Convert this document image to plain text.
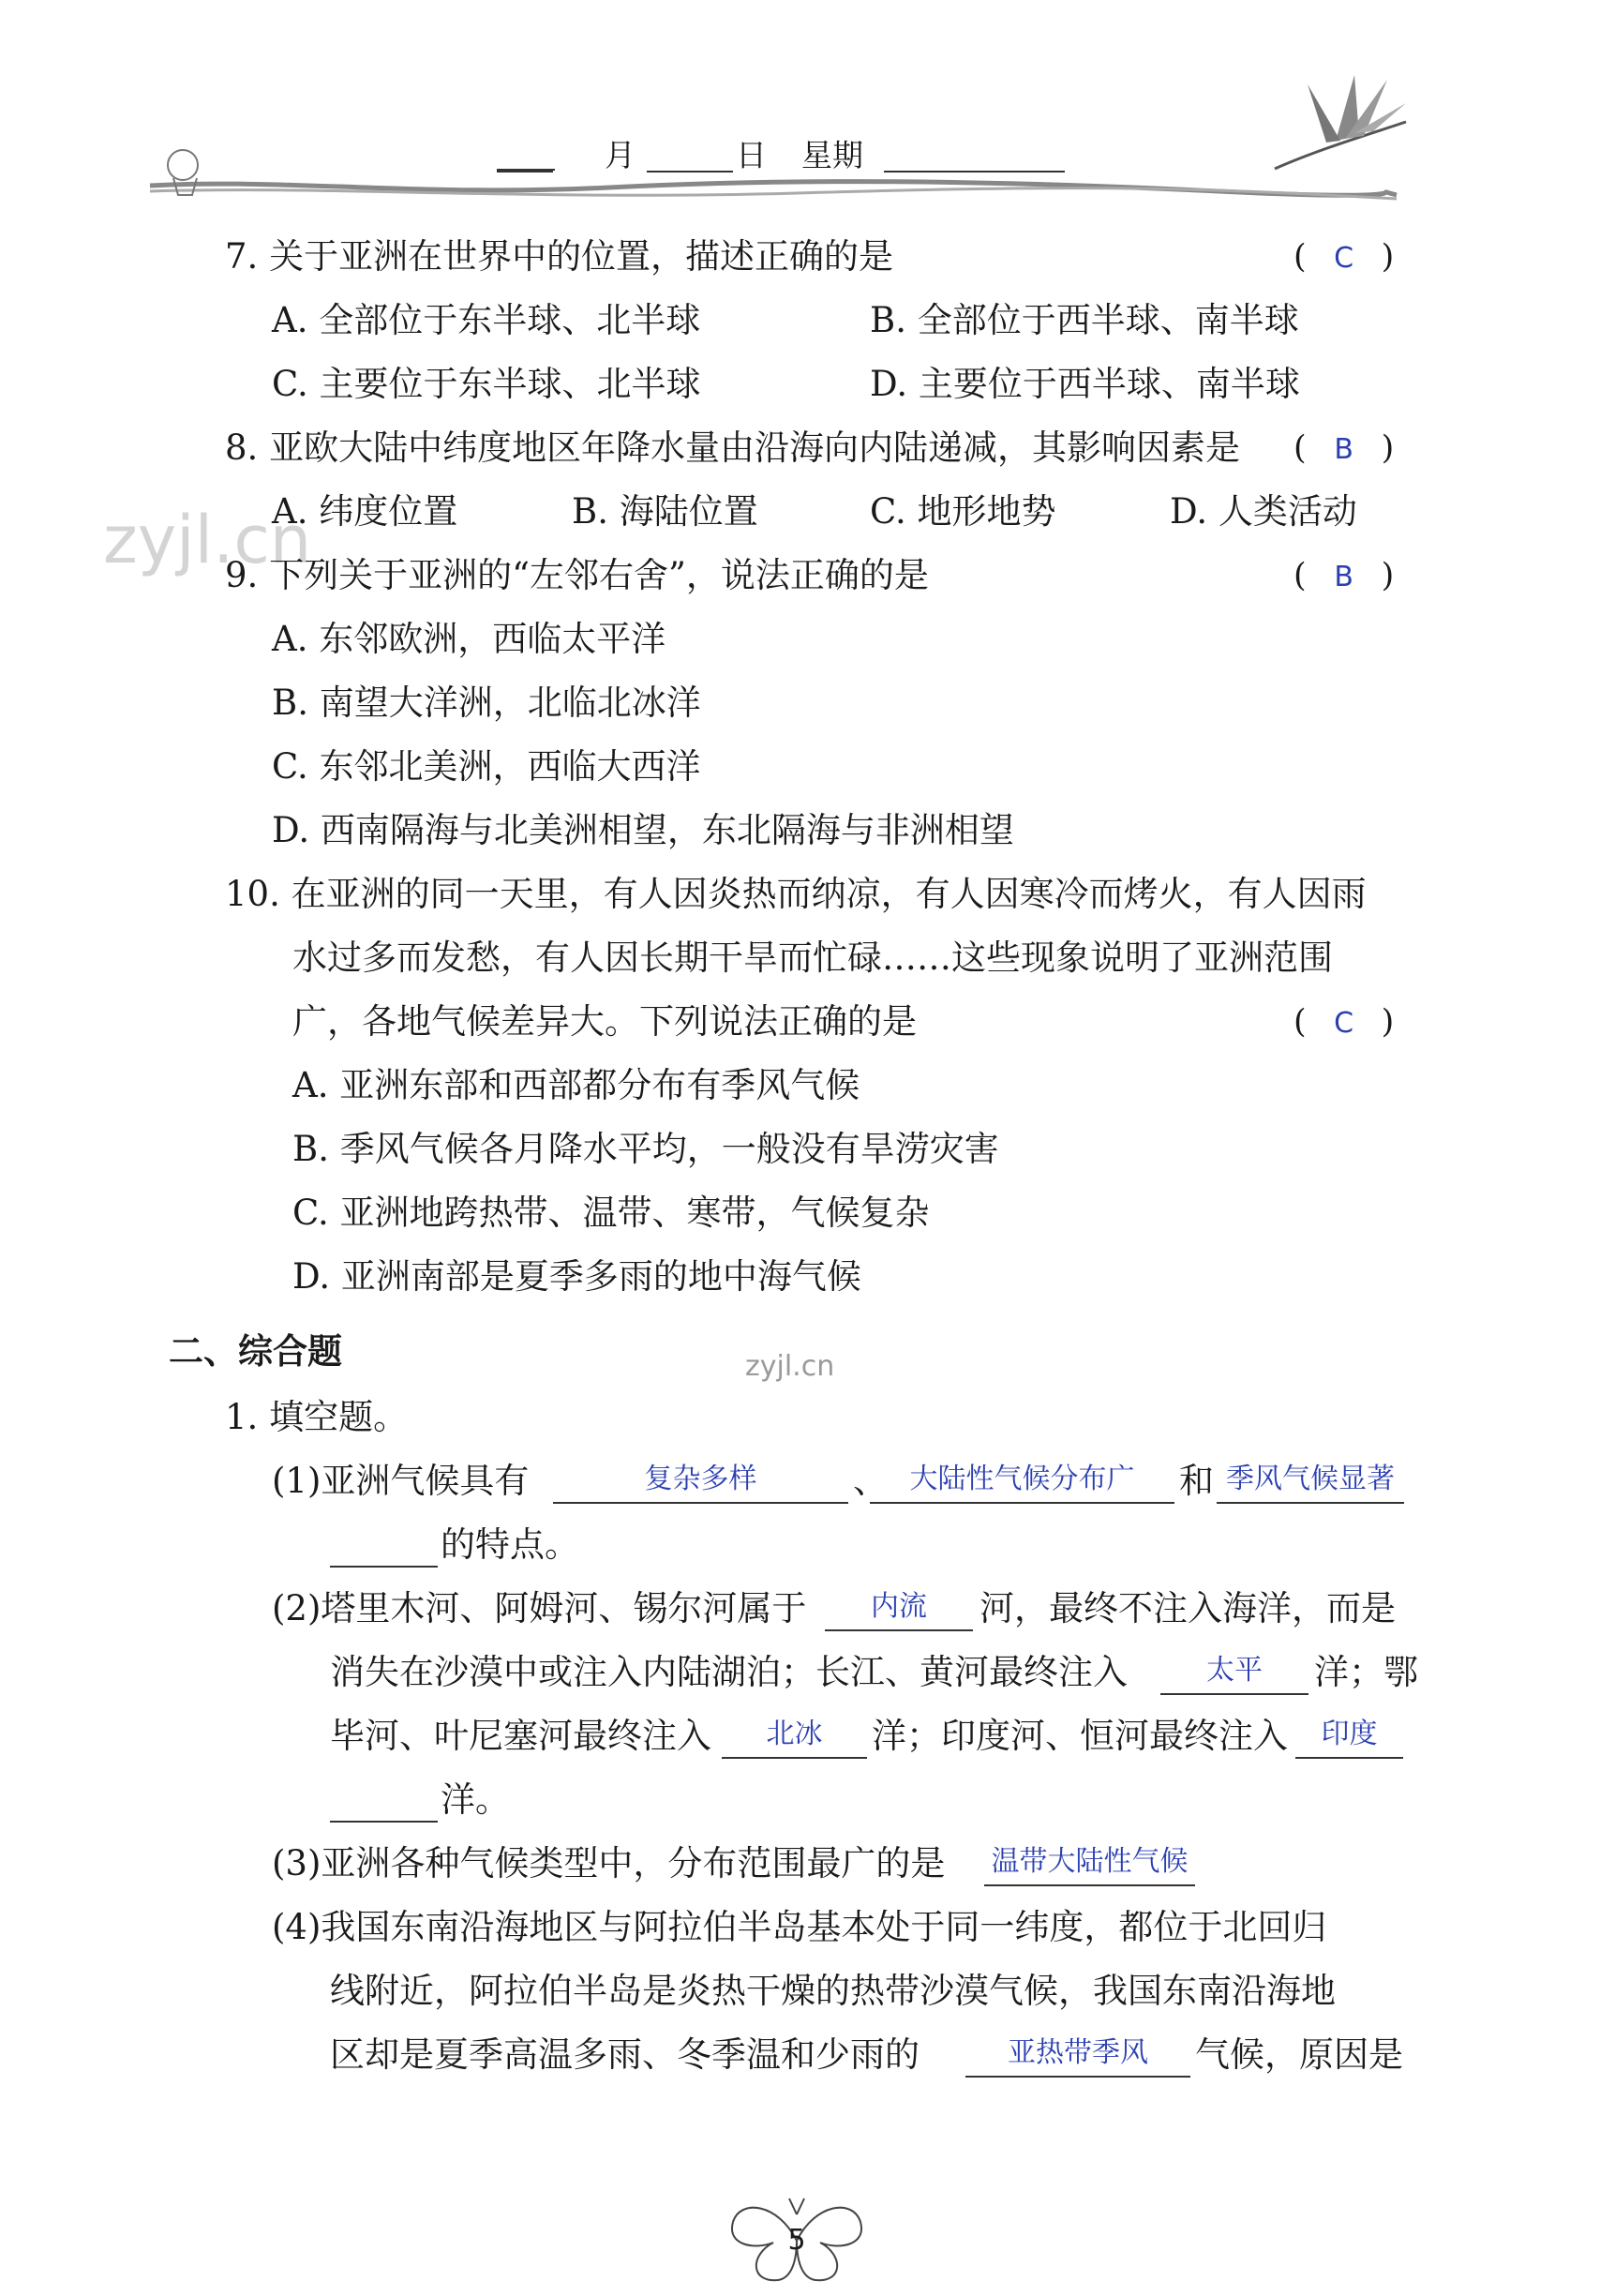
月	日 星期
zyjl.cn
zyjl.cn
7. 关于亚洲在世界中的位置，描述正确的是	( C )
A. 全部位于东半球、北半球	B. 全部位于西半球、南半球
C. 主要位于东半球、北半球	D. 主要位于西半球、南半球
8. 亚欧大陆中纬度地区年降水量由沿海向内陆递减，其影响因素是 ( B )
A. 纬度位置	B. 海陆位置	C. 地形地势	D. 人类活动
9. 下列关于亚洲的“左邻右舍”，说法正确的是	( B )
A. 东邻欧洲，西临太平洋
B. 南望大洋洲，北临北冰洋
C. 东邻北美洲，西临大西洋
D. 西南隔海与北美洲相望，东北隔海与非洲相望
10. 在亚洲的同一天里，有人因炎热而纳凉，有人因寒冷而烤火，有人因雨
水过多而发愁，有人因长期干旱而忙碌……这些现象说明了亚洲范围
广，各地气候差异大。下列说法正确的是	( C )
A. 亚洲东部和西部都分布有季风气候
B. 季风气候各月降水平均，一般没有旱涝灾害
C. 亚洲地跨热带、温带、寒带，气候复杂
D. 亚洲南部是夏季多雨的地中海气候
二、综合题
1. 填空题。
(1)亚洲气候具有	复杂多样	、 大陆性气候分布广	和 季风气候显著
的特点。
(2)塔里木河、阿姆河、锡尔河属于	内流	河，最终不注入海洋，而是
消失在沙漠中或注入内陆湖泊；长江、黄河最终注入	太平	洋；鄂
毕河、叶尼塞河最终注入	北冰	洋；印度河、恒河最终注入	印度
洋。
(3)亚洲各种气候类型中，分布范围最广的是 温带大陆性气候
(4)我国东南沿海地区与阿拉伯半岛基本处于同一纬度，都位于北回归
线附近，阿拉伯半岛是炎热干燥的热带沙漠气候，我国东南沿海地
区却是夏季高温多雨、冬季温和少雨的	亚热带季风	气候，原因是
5
